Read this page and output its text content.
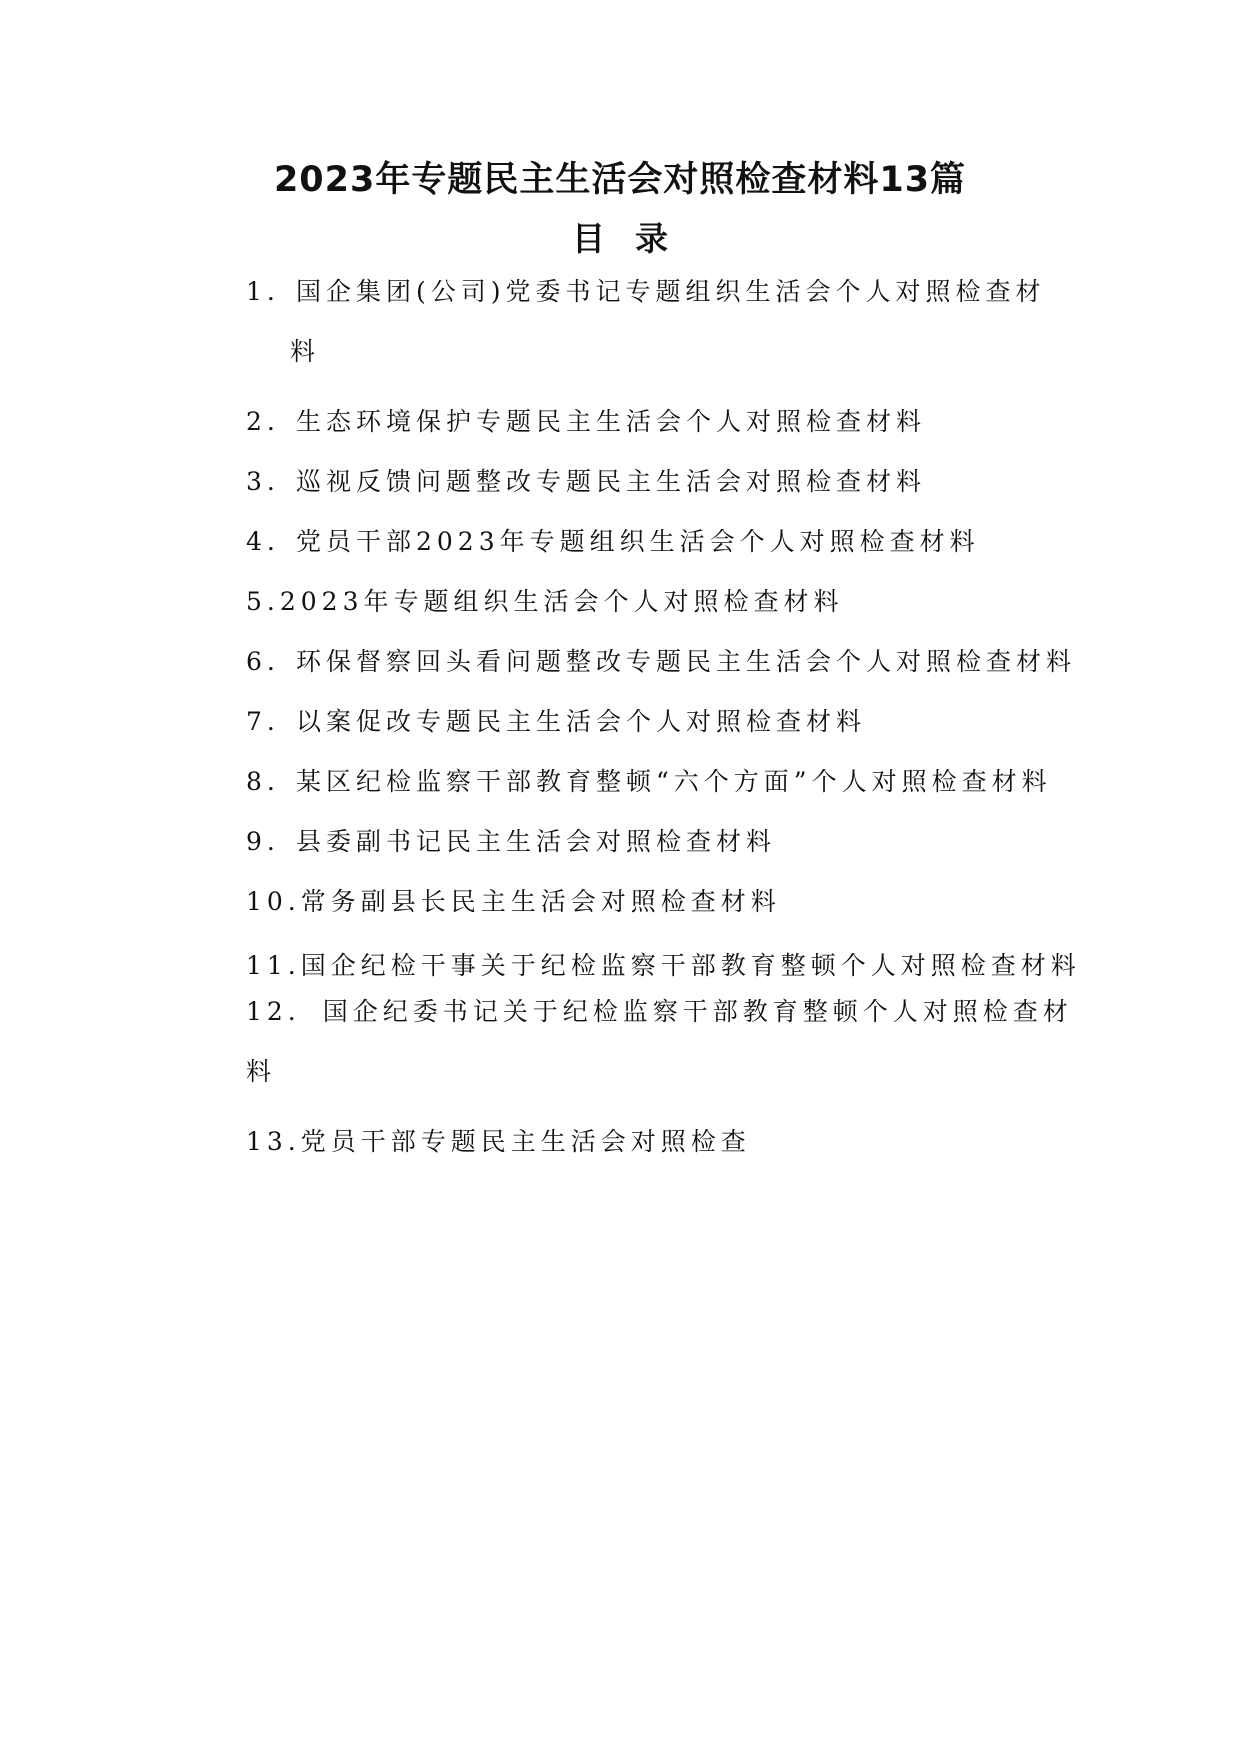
2023年专题民主生活会对照检查材料13篇
目录
1. 国企集团(公司)党委书记专题组织生活会个人对照检查材
料
2. 生态环境保护专题民主生活会个人对照检查材料
3. 巡视反馈问题整改专题民主生活会对照检查材料
4. 党员干部2023年专题组织生活会个人对照检查材料
5.2023年专题组织生活会个人对照检查材料
6. 环保督察回头看问题整改专题民主生活会个人对照检查材料
7. 以案促改专题民主生活会个人对照检查材料
8. 某区纪检监察干部教育整顿“六个方面”个人对照检查材料
9. 县委副书记民主生活会对照检查材料
10.常务副县长民主生活会对照检查材料
11.国企纪检干事关于纪检监察干部教育整顿个人对照检查材料
12. 国企纪委书记关于纪检监察干部教育整顿个人对照检查材
料
13.党员干部专题民主生活会对照检查
